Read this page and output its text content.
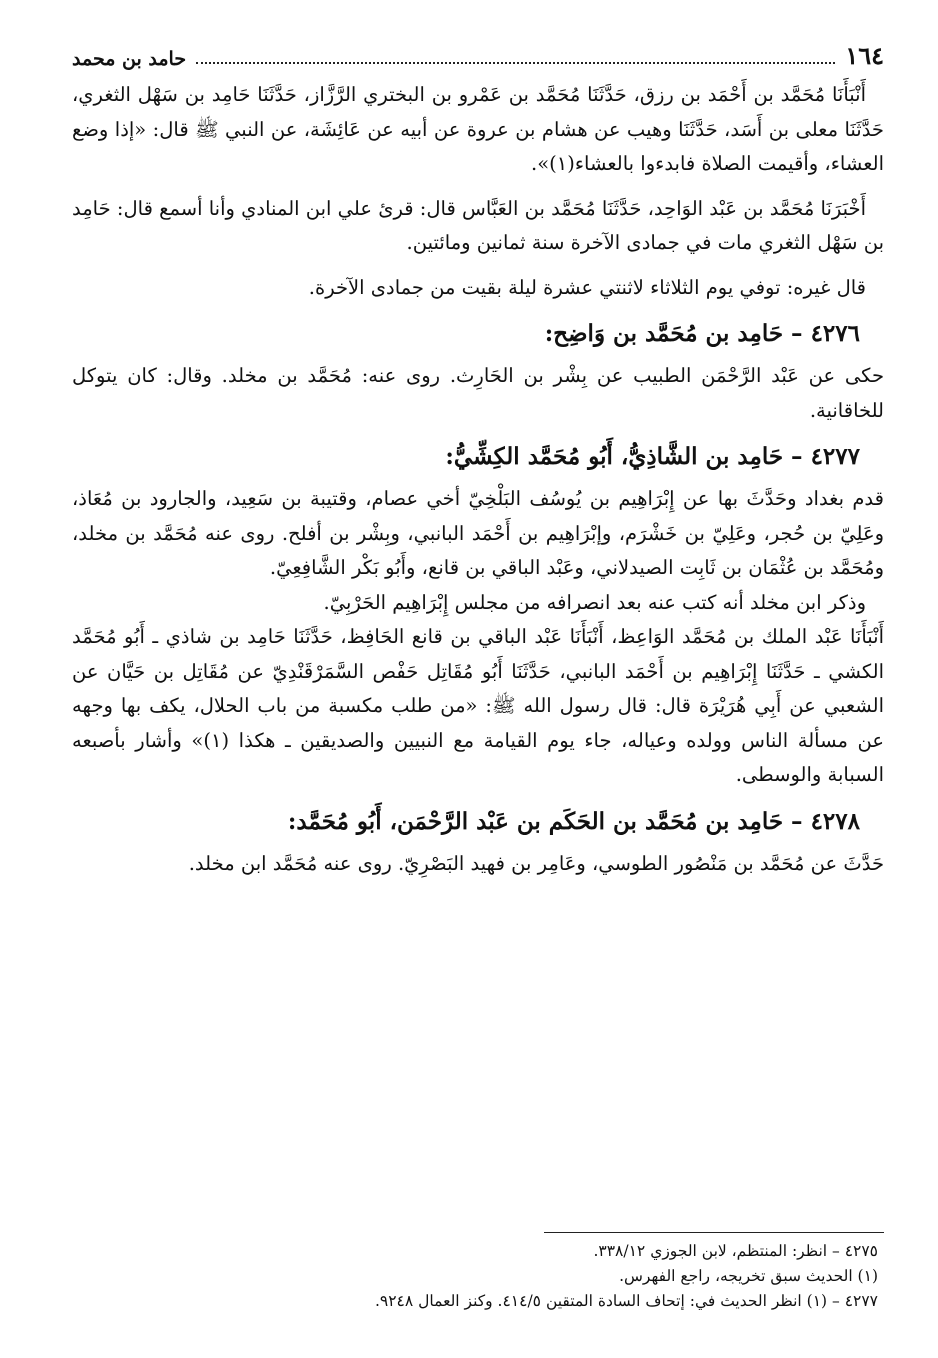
١٦٤
حامد بن محمد

أَنْبَأَنَا مُحَمَّد بن أَحْمَد بن رزق، حَدَّثَنَا مُحَمَّد بن عَمْرو بن البختري الرَّزَّاز، حَدَّثَنَا حَامِد بن سَهْل الثغري، حَدَّثَنَا معلى بن أَسَد، حَدَّثَنَا وهيب عن هشام بن عروة عن أبيه عن عَائِشَة، عن النبي ﷺ قال: «إذا وضع العشاء، وأقيمت الصلاة فابدءوا بالعشاء(١)».

أَخْبَرَنَا مُحَمَّد بن عَبْد الوَاحِد، حَدَّثَنَا مُحَمَّد بن العَبَّاس قال: قرئ علي ابن المنادي وأنا أسمع قال: حَامِد بن سَهْل الثغري مات في جمادى الآخرة سنة ثمانين ومائتين.

قال غيره: توفي يوم الثلاثاء لاثنتي عشرة ليلة بقيت من جمادى الآخرة.

٤٢٧٦ – حَامِد بن مُحَمَّد بن وَاضِح:

حكى عن عَبْد الرَّحْمَن الطبيب عن بِشْر بن الحَارِث. روى عنه: مُحَمَّد بن مخلد. وقال: كان يتوكل للخاقانية.

٤٢٧٧ – حَامِد بن الشَّاذِيُّ، أَبُو مُحَمَّد الكِشِّيُّ:

قدم بغداد وحَدَّثَ بها عن إِبْرَاهِيم بن يُوسُف البَلْخِيّ أخي عصام، وقتيبة بن سَعِيد، والجارود بن مُعَاذ، وعَلِيّ بن حُجر، وعَلِيّ بن خَشْرَم، وإبْرَاهِيم بن أَحْمَد البانبي، وبِشْر بن أفلح. روى عنه مُحَمَّد بن مخلد، ومُحَمَّد بن عُثْمَان بن ثَابِت الصيدلاني، وعَبْد الباقي بن قانع، وأَبُو بَكْر الشَّافِعِيّ.

وذكر ابن مخلد أنه كتب عنه بعد انصرافه من مجلس إِبْرَاهِيم الحَرْبِيّ.

أَنْبَأَنَا عَبْد الملك بن مُحَمَّد الوَاعِظ، أَنْبَأَنَا عَبْد الباقي بن قانع الحَافِظ، حَدَّثَنَا حَامِد بن شاذي ـ أَبُو مُحَمَّد الكشي ـ حَدَّثَنَا إِبْرَاهِيم بن أَحْمَد البانبي، حَدَّثَنَا أَبُو مُقَاتِل حَفْص السَّمَرْقَنْدِيّ عن مُقَاتِل بن حَيَّان عن الشعبي عن أَبِي هُرَيْرَة قال: قال رسول الله ﷺ: «من طلب مكسبة من باب الحلال، يكف بها وجهه عن مسألة الناس وولده وعياله، جاء يوم القيامة مع النبيين والصديقين ـ هكذا (١)» وأشار بأصبعه السبابة والوسطى.

٤٢٧٨ – حَامِد بن مُحَمَّد بن الحَكَم بن عَبْد الرَّحْمَن، أَبُو مُحَمَّد:

حَدَّثَ عن مُحَمَّد بن مَنْصُور الطوسي، وعَامِر بن فهيد البَصْرِيّ. روى عنه مُحَمَّد ابن مخلد.

٤٢٧٥ – انظر: المنتظم، لابن الجوزي ٣٣٨/١٢.

(١) الحديث سبق تخريجه، راجع الفهرس.

٤٢٧٧ – (١) انظر الحديث في: إتحاف السادة المتقين ٤١٤/٥. وكنز العمال ٩٢٤٨.
